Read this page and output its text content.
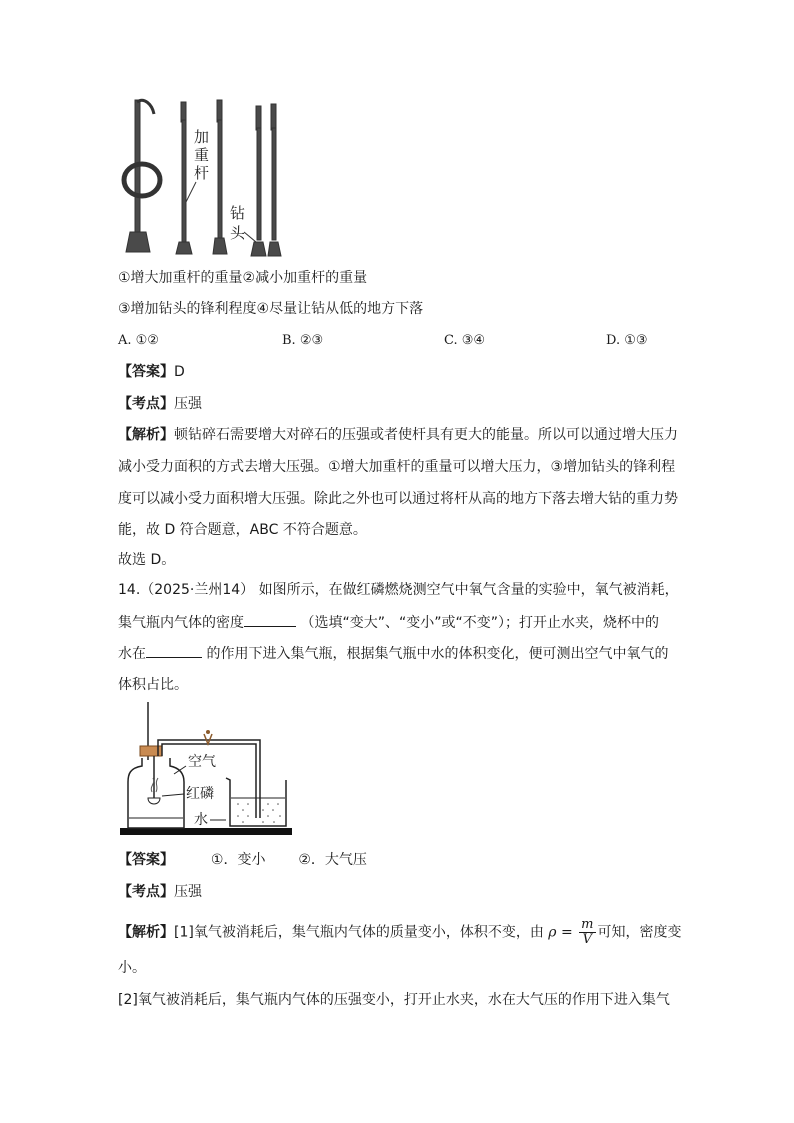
加
重
杆
钻
头
①增大加重杆的重量②减小加重杆的重量
③增加钻头的锋利程度④尽量让钻从低的地方下落
A. ①②	B. ②③	C. ③④	D. ①③
【答案】D
【考点】压强
【解析】顿钻碎石需要增大对碎石的压强或者使杆具有更大的能量。所以可以通过增大压力
减小受力面积的方式去增大压强。①增大加重杆的重量可以增大压力，③增加钻头的锋利程
度可以减小受力面积增大压强。除此之外也可以通过将杆从高的地方下落去增大钻的重力势
能，故 D 符合题意，ABC 不符合题意。
故选 D。
14.（2025·兰州14） 如图所示，在做红磷燃烧测空气中氧气含量的实验中，氧气被消耗，
集气瓶内气体的密度	（选填“变大”、“变小”或“不变”）；打开止水夹，烧杯中的
水在	的作用下进入集气瓶，根据集气瓶中水的体积变化，便可测出空气中氧气的
体积占比。
空气
红磷
水
【答案】	①．变小 ②．大气压
【考点】压强
【解析】[1]氧气被消耗后，集气瓶内气体的质量变小，体积不变，由 $\rho = \frac{m}{V}$ 可知，密度变
小。
[2]氧气被消耗后，集气瓶内气体的压强变小，打开止水夹，水在大气压的作用下进入集气
